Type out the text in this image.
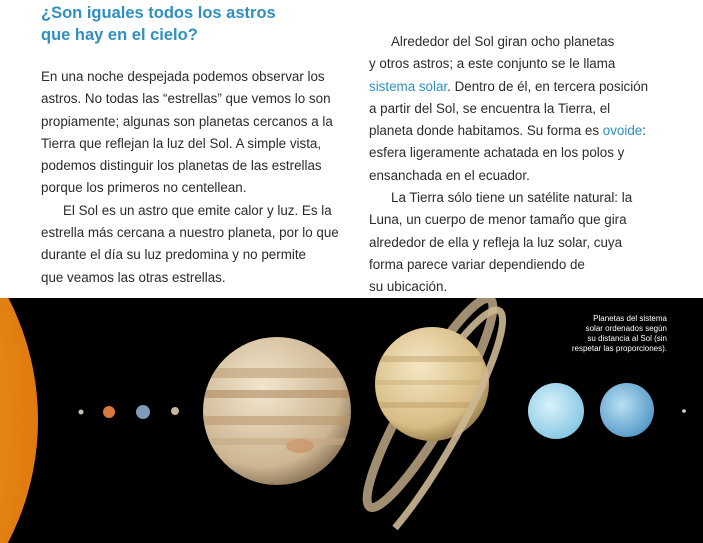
¿Son iguales todos los astros
que hay en el cielo?
En una noche despejada podemos observar los
astros. No todas las “estrellas” que vemos lo son
propiamente; algunas son planetas cercanos a la
Tierra que reflejan la luz del Sol. A simple vista,
podemos distinguir los planetas de las estrellas
porque los primeros no centellean.
El Sol es un astro que emite calor y luz. Es la
estrella más cercana a nuestro planeta, por lo que
durante el día su luz predomina y no permite
que veamos las otras estrellas.
Alrededor del Sol giran ocho planetas
y otros astros; a este conjunto se le llama
sistema solar. Dentro de él, en tercera posición
a partir del Sol, se encuentra la Tierra, el
planeta donde habitamos. Su forma es ovoide:
esfera ligeramente achatada en los polos y
ensanchada en el ecuador.
La Tierra sólo tiene un satélite natural: la
Luna, un cuerpo de menor tamaño que gira
alrededor de ella y refleja la luz solar, cuya
forma parece variar dependiendo de
su ubicación.
Planetas del sistema
solar ordenados según
su distancia al Sol (sin
respetar las proporciones).
